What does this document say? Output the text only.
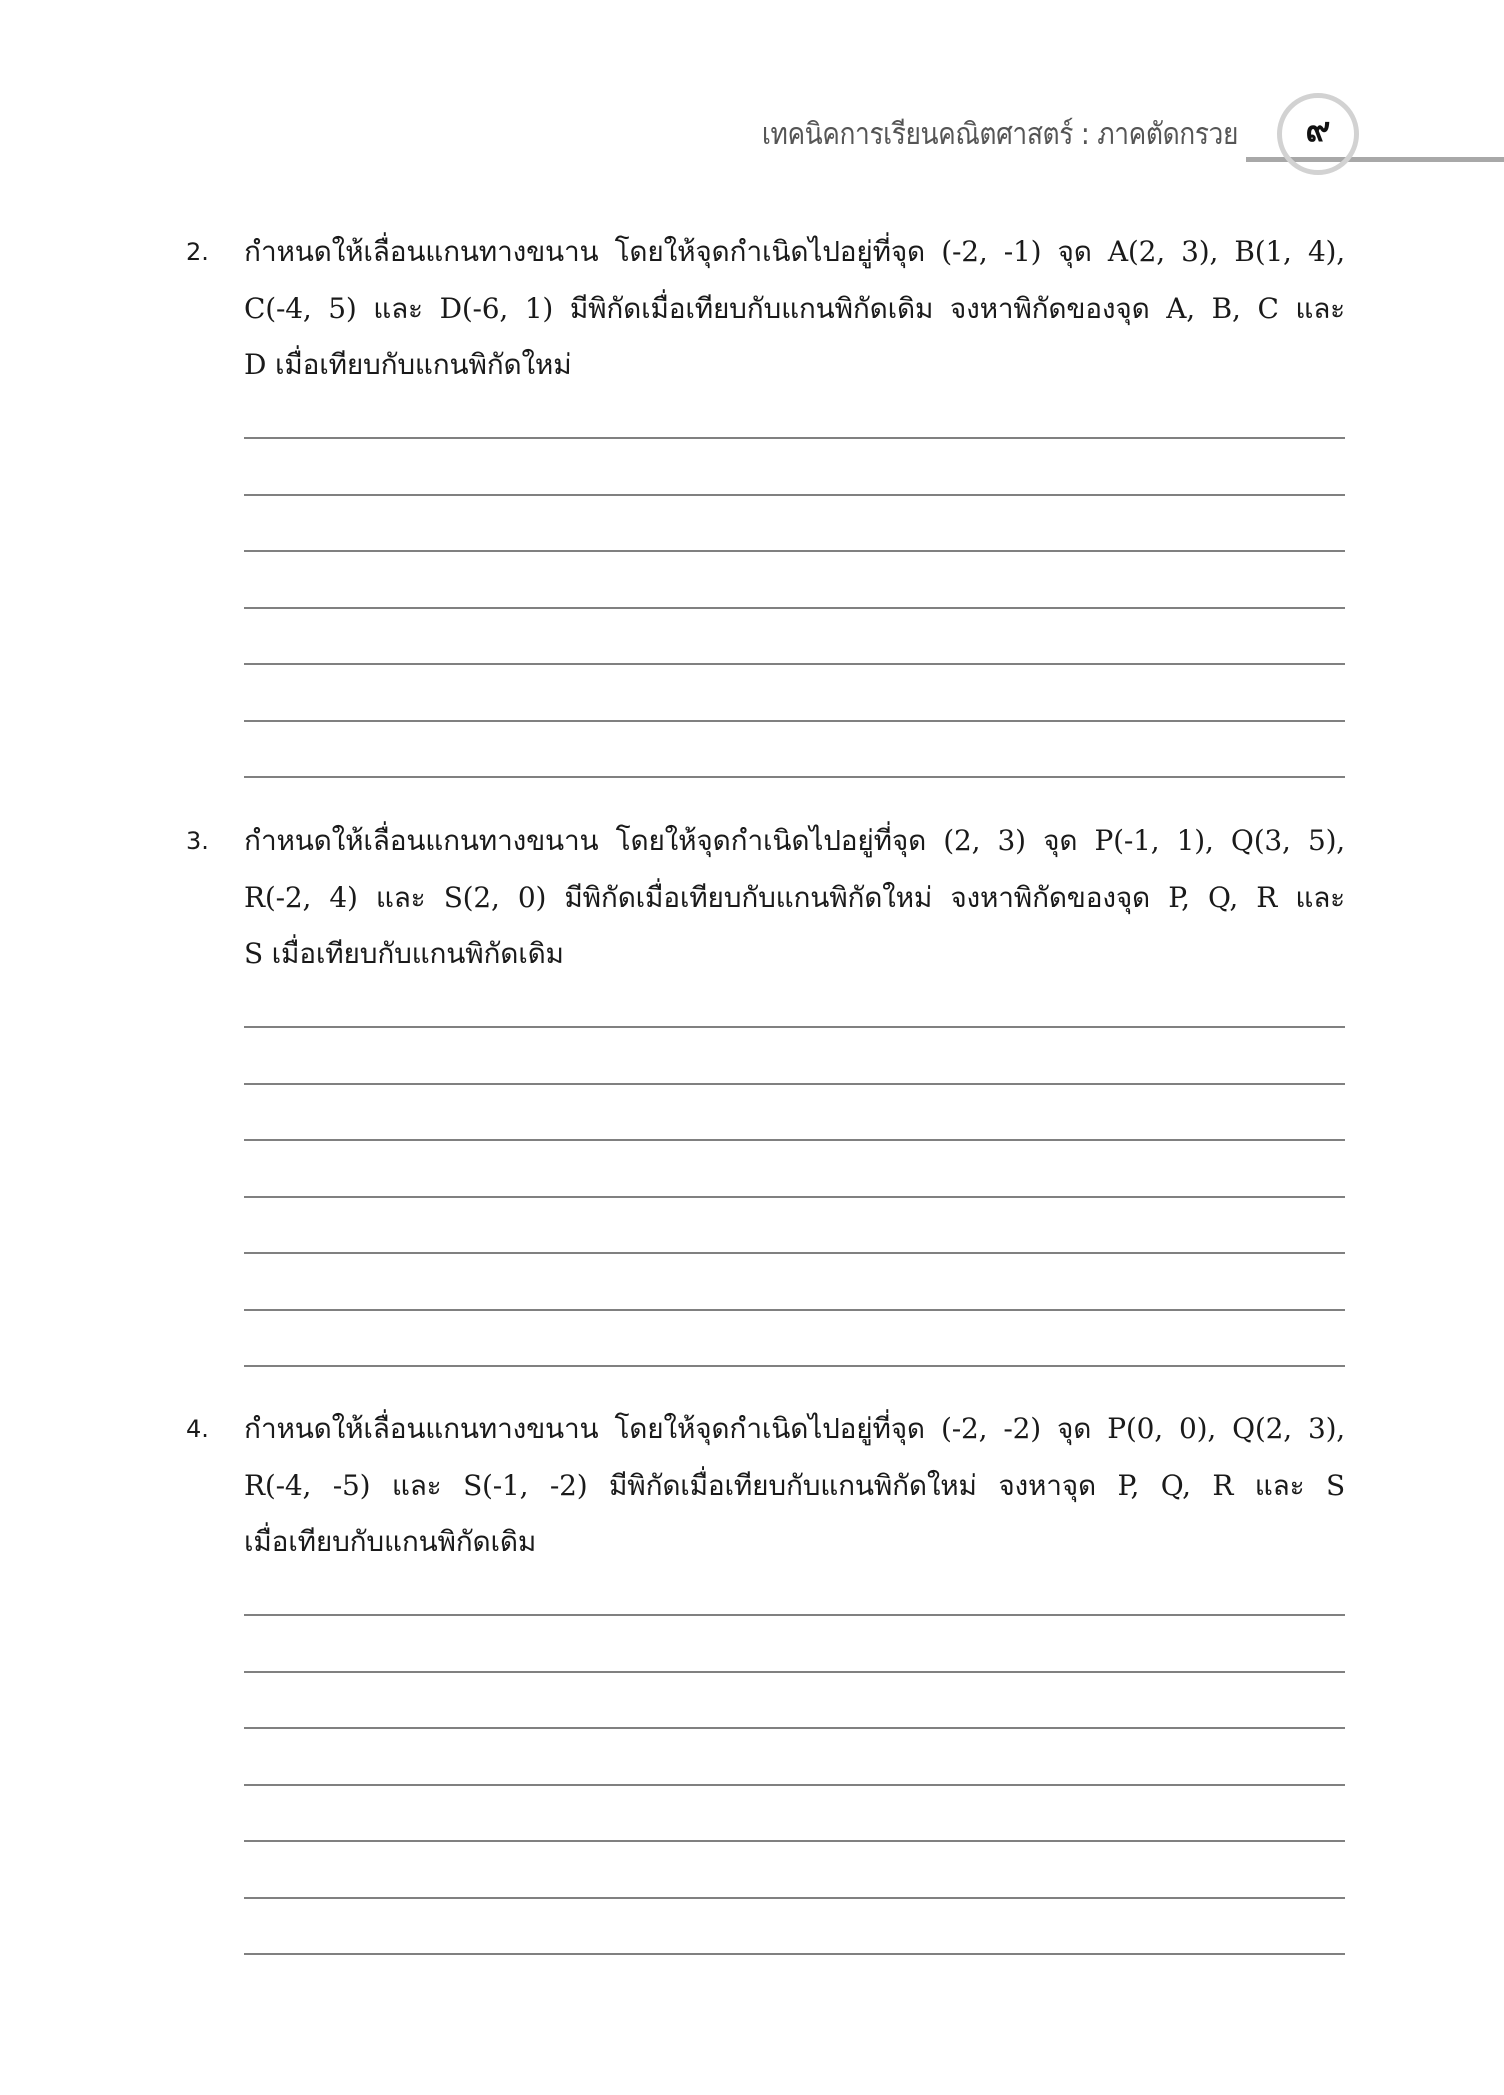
เทคนิคการเรียนคณิตศาสตร์ : ภาคตัดกรวย	๙
2. กำหนดให้เลื่อนแกนทางขนาน โดยให้จุดกำเนิดไปอยู่ที่จุด (-2, -1) จุด A(2, 3), B(1, 4),
C(-4, 5) และ D(-6, 1) มีพิกัดเมื่อเทียบกับแกนพิกัดเดิม จงหาพิกัดของจุด A, B, C และ
D เมื่อเทียบกับแกนพิกัดใหม่
3. กำหนดให้เลื่อนแกนทางขนาน โดยให้จุดกำเนิดไปอยู่ที่จุด (2, 3) จุด P(-1, 1), Q(3, 5),
R(-2, 4) และ S(2, 0) มีพิกัดเมื่อเทียบกับแกนพิกัดใหม่ จงหาพิกัดของจุด P, Q, R และ
S เมื่อเทียบกับแกนพิกัดเดิม
4. กำหนดให้เลื่อนแกนทางขนาน โดยให้จุดกำเนิดไปอยู่ที่จุด (-2, -2) จุด P(0, 0), Q(2, 3),
R(-4, -5) และ S(-1, -2) มีพิกัดเมื่อเทียบกับแกนพิกัดใหม่ จงหาจุด P, Q, R และ S
เมื่อเทียบกับแกนพิกัดเดิม
